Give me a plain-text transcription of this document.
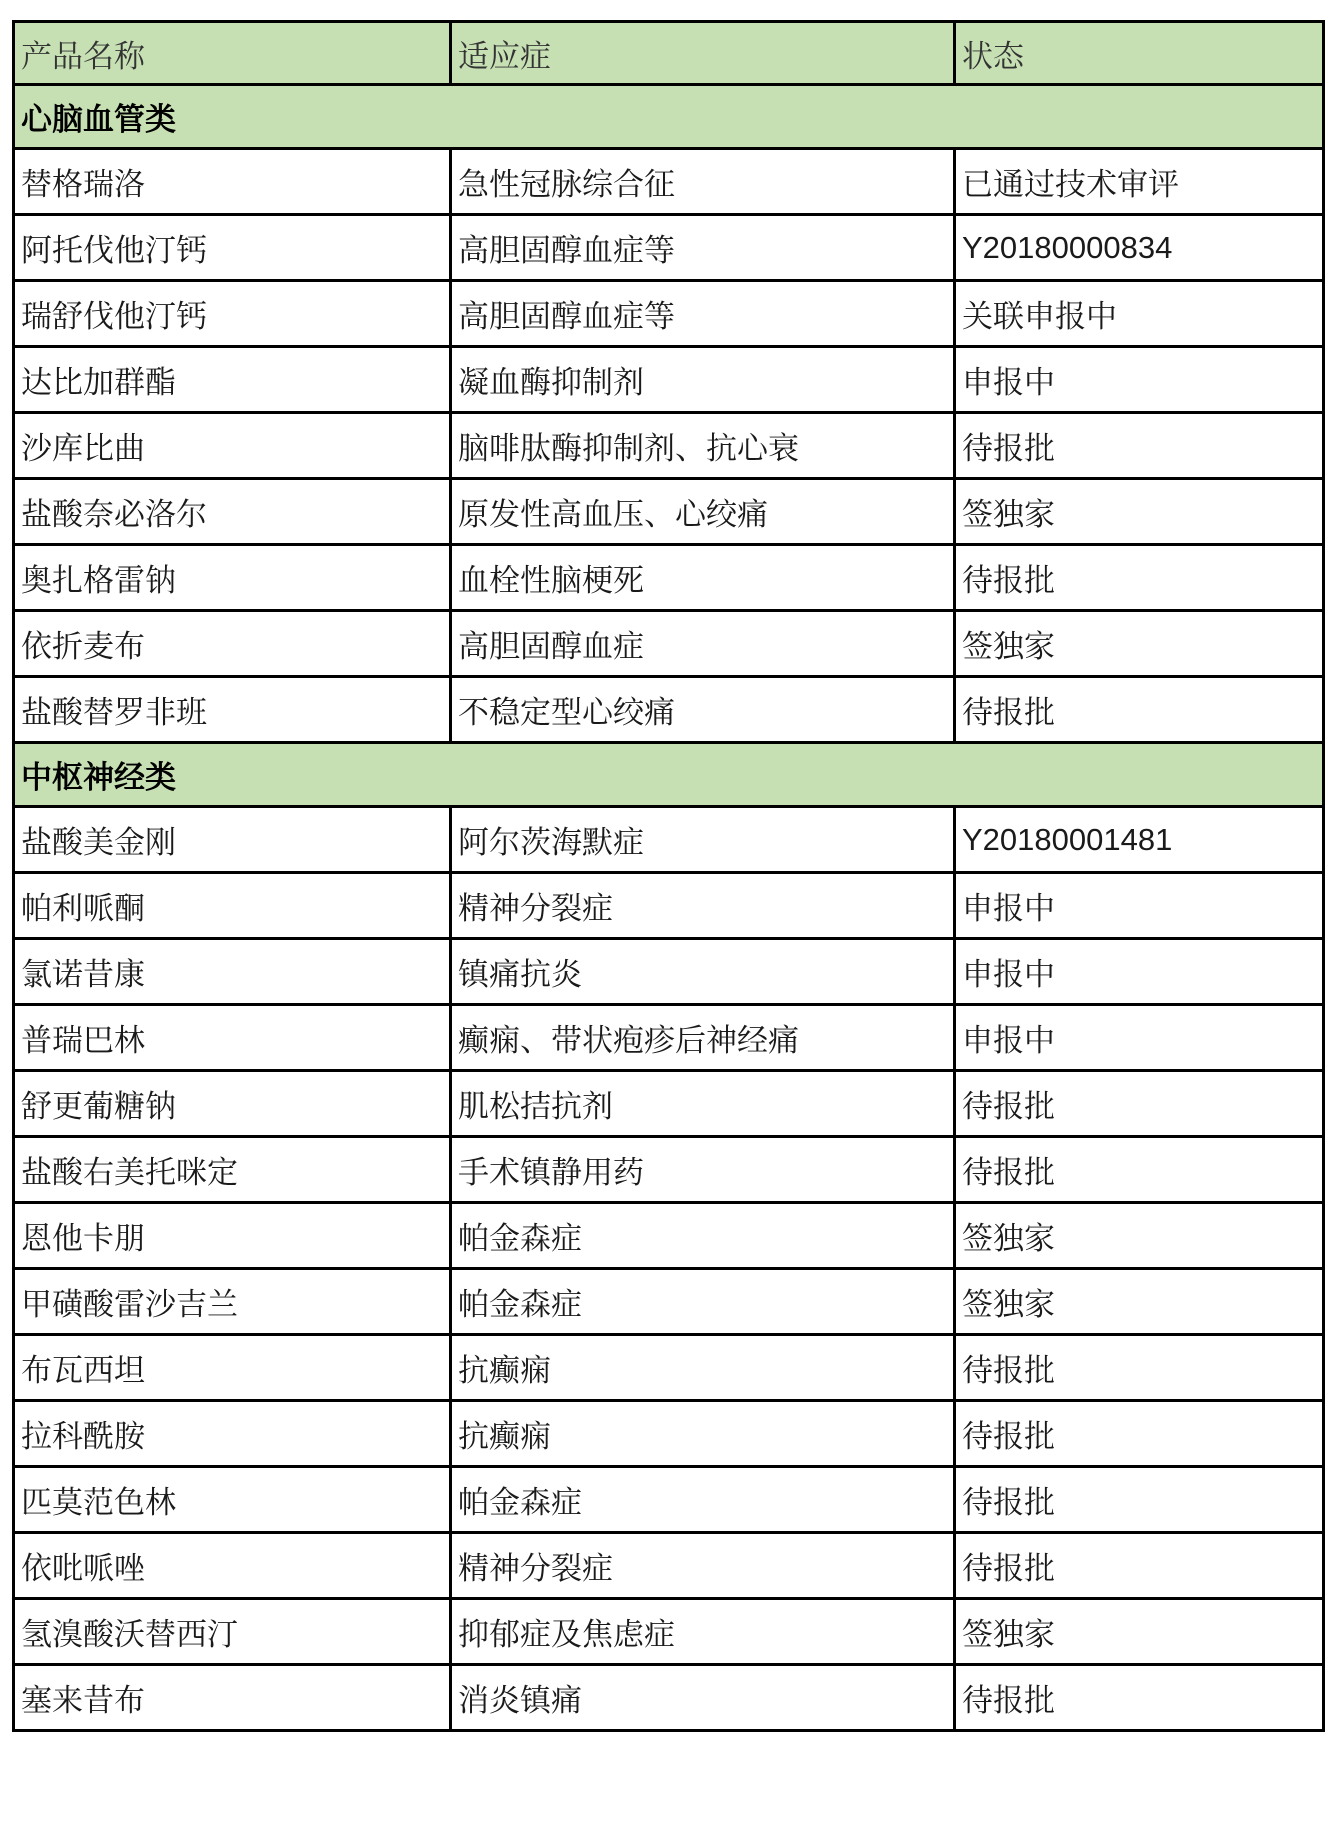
产品名称	适应症	状态
心脑血管类		
替格瑞洛	急性冠脉综合征	已通过技术审评
阿托伐他汀钙	高胆固醇血症等	Y20180000834
瑞舒伐他汀钙	高胆固醇血症等	关联申报中
达比加群酯	凝血酶抑制剂	申报中
沙库比曲	脑啡肽酶抑制剂、抗心衰	待报批
盐酸奈必洛尔	原发性高血压、心绞痛	签独家
奥扎格雷钠	血栓性脑梗死	待报批
依折麦布	高胆固醇血症	签独家
盐酸替罗非班	不稳定型心绞痛	待报批
中枢神经类		
盐酸美金刚	阿尔茨海默症	Y20180001481
帕利哌酮	精神分裂症	申报中
氯诺昔康	镇痛抗炎	申报中
普瑞巴林	癫痫、带状疱疹后神经痛	申报中
舒更葡糖钠	肌松拮抗剂	待报批
盐酸右美托咪定	手术镇静用药	待报批
恩他卡朋	帕金森症	签独家
甲磺酸雷沙吉兰	帕金森症	签独家
布瓦西坦	抗癫痫	待报批
拉科酰胺	抗癫痫	待报批
匹莫范色林	帕金森症	待报批
依吡哌唑	精神分裂症	待报批
氢溴酸沃替西汀	抑郁症及焦虑症	签独家
塞来昔布	消炎镇痛	待报批
